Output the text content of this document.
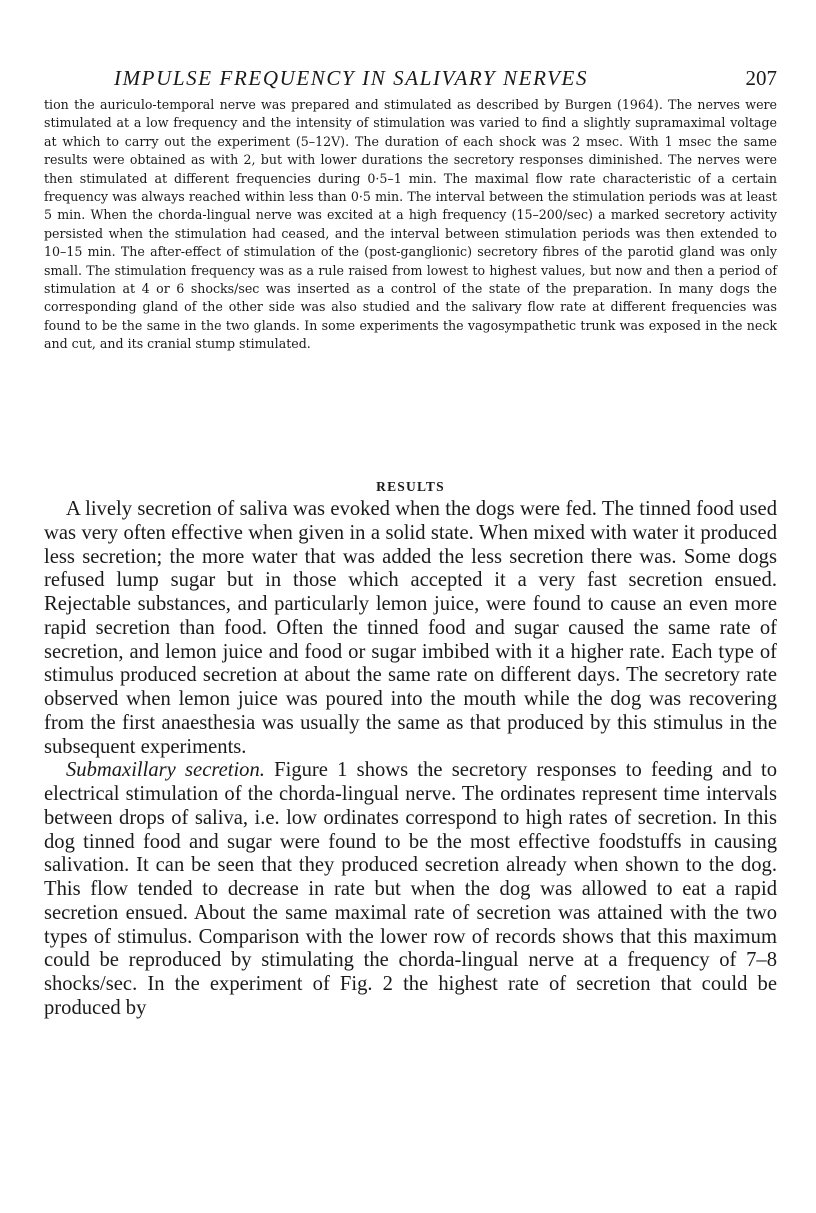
IMPULSE FREQUENCY IN SALIVARY NERVES	207

tion the auriculo-temporal nerve was prepared and stimulated as described by Burgen (1964). The nerves were stimulated at a low frequency and the intensity of stimulation was varied to find a slightly supramaximal voltage at which to carry out the experiment (5–12V). The duration of each shock was 2 msec. With 1 msec the same results were obtained as with 2, but with lower durations the secretory responses diminished. The nerves were then stimulated at different frequencies during 0·5–1 min. The maximal flow rate characteristic of a certain frequency was always reached within less than 0·5 min. The interval between the stimulation periods was at least 5 min. When the chorda-lingual nerve was excited at a high frequency (15–200/sec) a marked secretory activity persisted when the stimulation had ceased, and the interval between stimulation periods was then extended to 10–15 min. The after-effect of stimulation of the (post-ganglionic) secretory fibres of the parotid gland was only small. The stimulation frequency was as a rule raised from lowest to highest values, but now and then a period of stimulation at 4 or 6 shocks/sec was inserted as a control of the state of the preparation. In many dogs the corresponding gland of the other side was also studied and the salivary flow rate at different frequencies was found to be the same in the two glands. In some experiments the vagosympathetic trunk was exposed in the neck and cut, and its cranial stump stimulated.

RESULTS

A lively secretion of saliva was evoked when the dogs were fed. The tinned food used was very often effective when given in a solid state. When mixed with water it produced less secretion; the more water that was added the less secretion there was. Some dogs refused lump sugar but in those which accepted it a very fast secretion ensued. Rejectable substances, and particularly lemon juice, were found to cause an even more rapid secretion than food. Often the tinned food and sugar caused the same rate of secretion, and lemon juice and food or sugar imbibed with it a higher rate. Each type of stimulus produced secretion at about the same rate on different days. The secretory rate observed when lemon juice was poured into the mouth while the dog was recovering from the first anaesthesia was usually the same as that produced by this stimulus in the subsequent experiments.

Submaxillary secretion. Figure 1 shows the secretory responses to feeding and to electrical stimulation of the chorda-lingual nerve. The ordinates represent time intervals between drops of saliva, i.e. low ordinates correspond to high rates of secretion. In this dog tinned food and sugar were found to be the most effective foodstuffs in causing salivation. It can be seen that they produced secretion already when shown to the dog. This flow tended to decrease in rate but when the dog was allowed to eat a rapid secretion ensued. About the same maximal rate of secretion was attained with the two types of stimulus. Comparison with the lower row of records shows that this maximum could be reproduced by stimulating the chorda-lingual nerve at a frequency of 7–8 shocks/sec. In the experiment of Fig. 2 the highest rate of secretion that could be produced by
